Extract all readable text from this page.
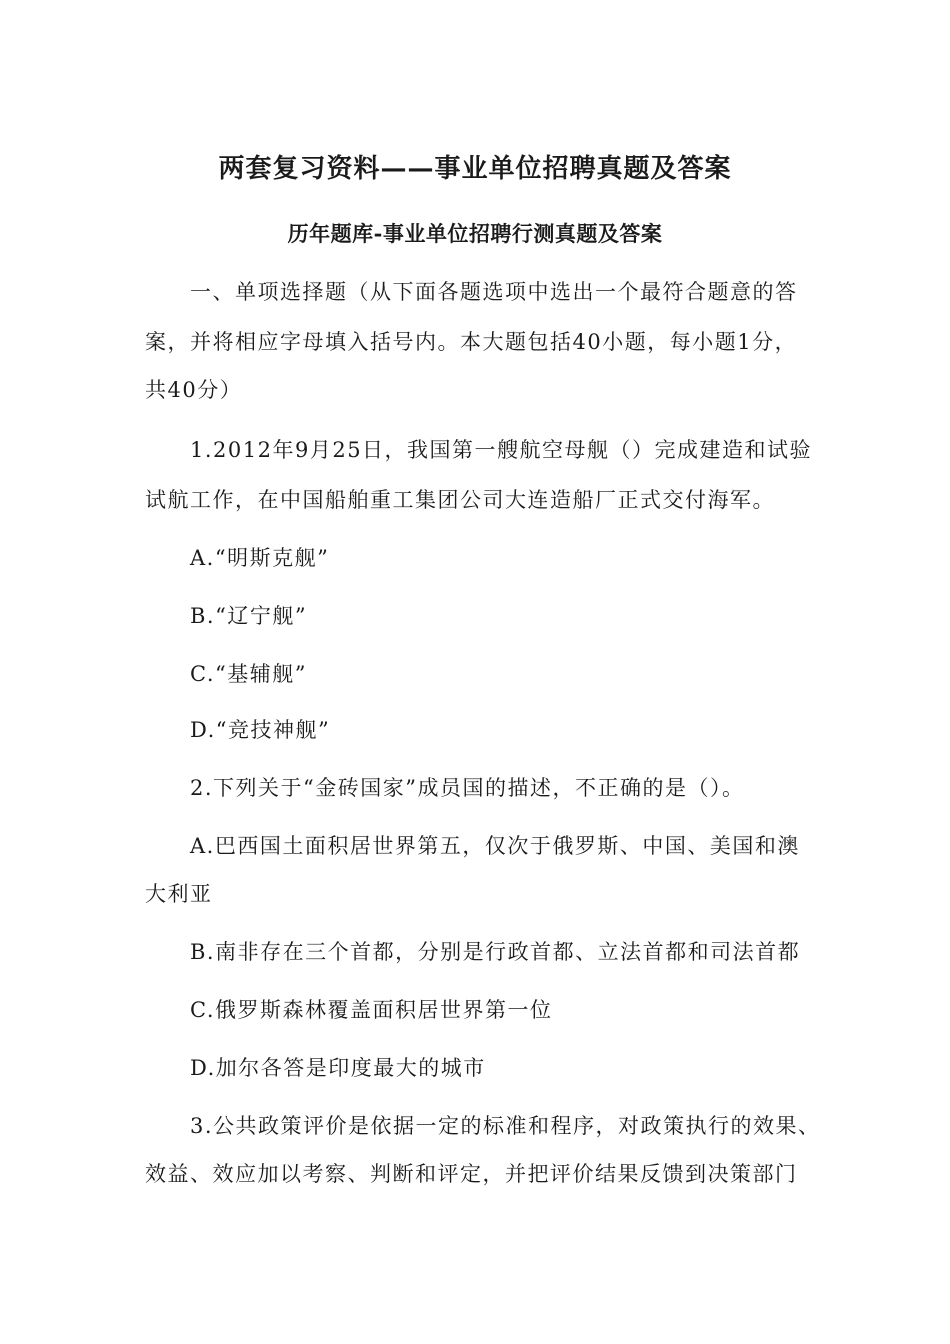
两套复习资料——事业单位招聘真题及答案
历年题库-事业单位招聘行测真题及答案
一、单项选择题（从下面各题选项中选出一个最符合题意的答
案，并将相应字母填入括号内。本大题包括40小题，每小题1分，
共40分）
1.2012年9月25日，我国第一艘航空母舰（）完成建造和试验
试航工作，在中国船舶重工集团公司大连造船厂正式交付海军。
A.“明斯克舰”
B.“辽宁舰”
C.“基辅舰”
D.“竞技神舰”
2.下列关于“金砖国家”成员国的描述，不正确的是（）。
A.巴西国土面积居世界第五，仅次于俄罗斯、中国、美国和澳
大利亚
B.南非存在三个首都，分别是行政首都、立法首都和司法首都
C.俄罗斯森林覆盖面积居世界第一位
D.加尔各答是印度最大的城市
3.公共政策评价是依据一定的标准和程序，对政策执行的效果、
效益、效应加以考察、判断和评定，并把评价结果反馈到决策部门
